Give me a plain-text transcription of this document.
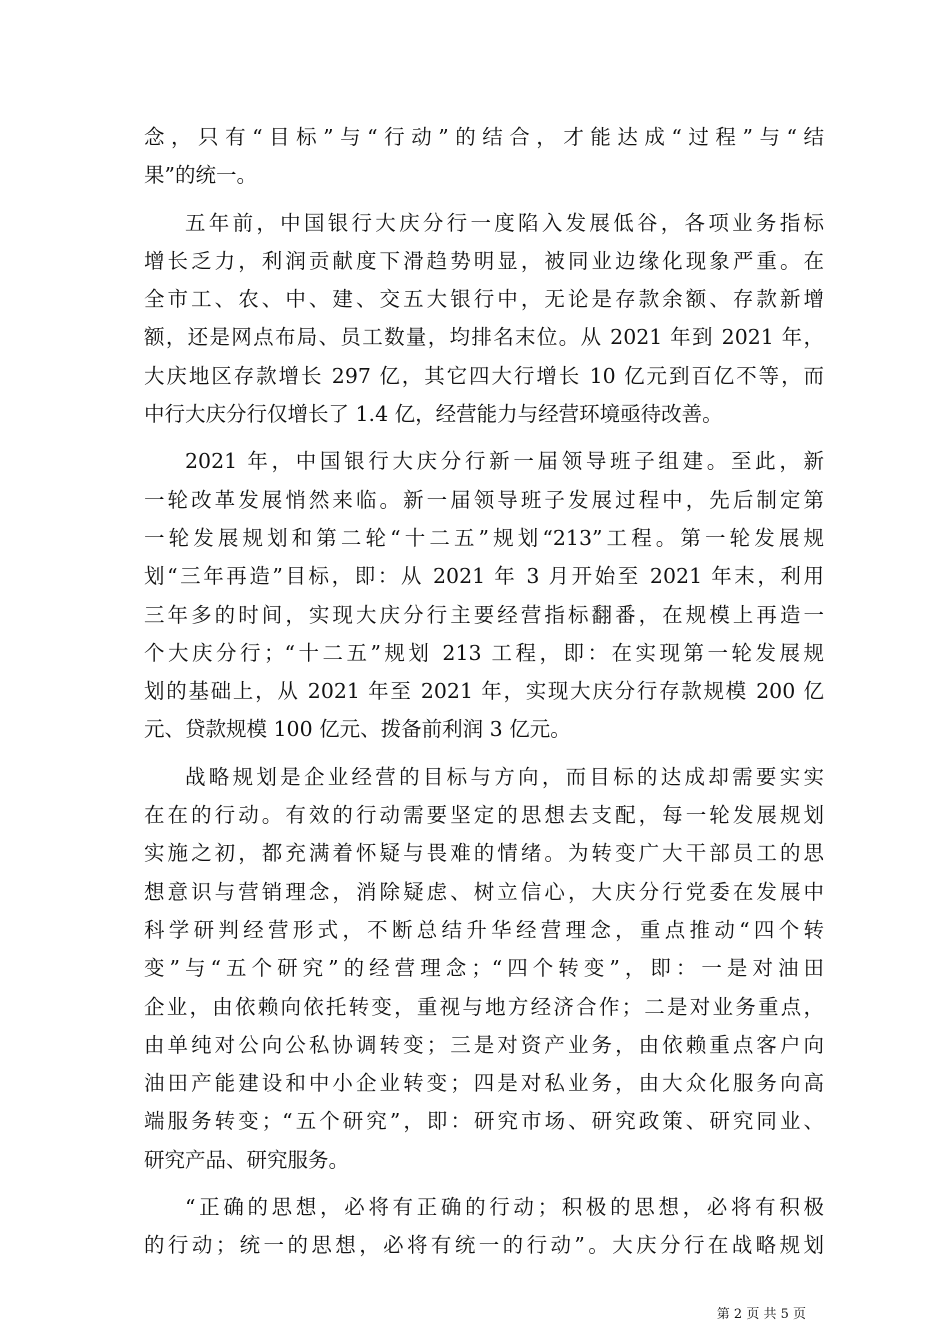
念，只有“目标”与“行动”的结合，才能达成“过程”与“结
果”的统一。
五年前，中国银行大庆分行一度陷入发展低谷，各项业务指标
增长乏力，利润贡献度下滑趋势明显，被同业边缘化现象严重。在
全市工、农、中、建、交五大银行中，无论是存款余额、存款新增
额，还是网点布局、员工数量，均排名末位。从 2021 年到 2021 年，
大庆地区存款增长 297 亿，其它四大行增长 10 亿元到百亿不等，而
中行大庆分行仅增长了 1.4 亿，经营能力与经营环境亟待改善。
2021 年，中国银行大庆分行新一届领导班子组建。至此，新
一轮改革发展悄然来临。新一届领导班子发展过程中，先后制定第
一轮发展规划和第二轮“十二五”规划“213”工程。第一轮发展规
划“三年再造”目标，即：从 2021 年 3 月开始至 2021 年末，利用
三年多的时间，实现大庆分行主要经营指标翻番，在规模上再造一
个大庆分行；“十二五”规划 213 工程，即：在实现第一轮发展规
划的基础上，从 2021 年至 2021 年，实现大庆分行存款规模 200 亿
元、贷款规模 100 亿元、拨备前利润 3 亿元。
战略规划是企业经营的目标与方向，而目标的达成却需要实实
在在的行动。有效的行动需要坚定的思想去支配，每一轮发展规划
实施之初，都充满着怀疑与畏难的情绪。为转变广大干部员工的思
想意识与营销理念，消除疑虑、树立信心，大庆分行党委在发展中
科学研判经营形式，不断总结升华经营理念，重点推动“四个转
变”与“五个研究”的经营理念；“四个转变”，即：一是对油田
企业，由依赖向依托转变，重视与地方经济合作；二是对业务重点，
由单纯对公向公私协调转变；三是对资产业务，由依赖重点客户向
油田产能建设和中小企业转变；四是对私业务，由大众化服务向高
端服务转变；“五个研究”，即：研究市场、研究政策、研究同业、
研究产品、研究服务。
“正确的思想，必将有正确的行动；积极的思想，必将有积极
的行动；统一的思想，必将有统一的行动”。大庆分行在战略规划
第 2 页 共 5 页
